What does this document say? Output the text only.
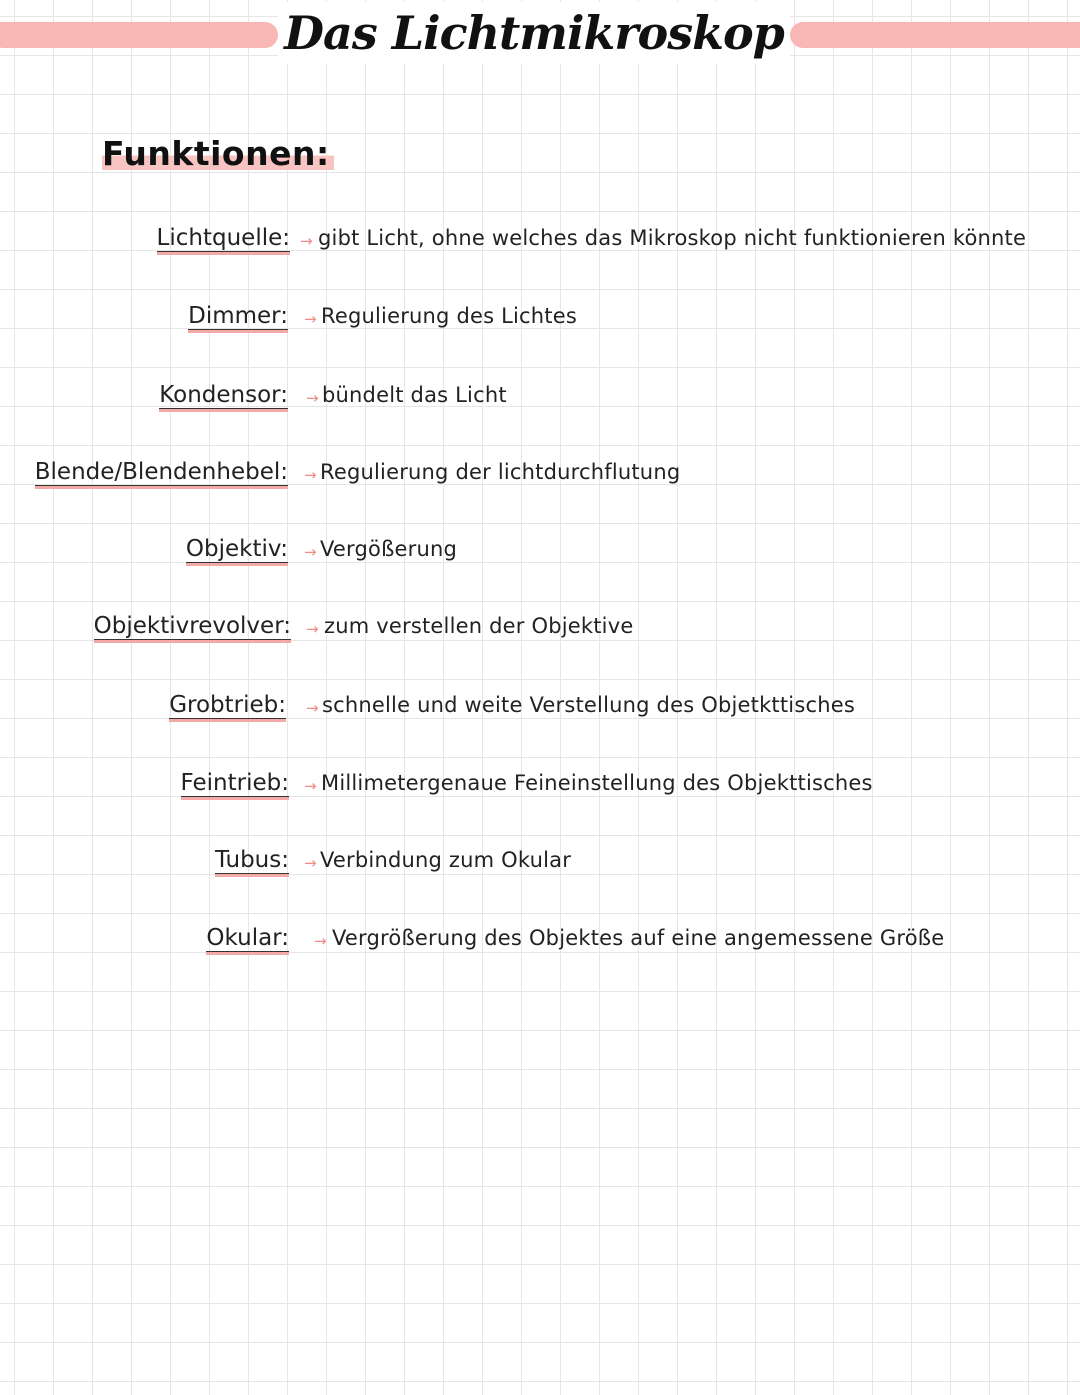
Das Lichtmikroskop
Funktionen:
Lichtquelle: → gibt Licht, ohne welches das Mikroskop nicht funktionieren könnte
Dimmer: → Regulierung des Lichtes
Kondensor: → bündelt das Licht
Blende/Blendenhebel: → Regulierung der lichtdurchflutung
Objektiv: → Vergößerung
Objektivrevolver: → zum verstellen der Objektive
Grobtrieb: → schnelle und weite Verstellung des Objetkttisches
Feintrieb: → Millimetergenaue Feineinstellung des Objekttisches
Tubus: → Verbindung zum Okular
Okular: → Vergrößerung des Objektes auf eine angemessene Größe
